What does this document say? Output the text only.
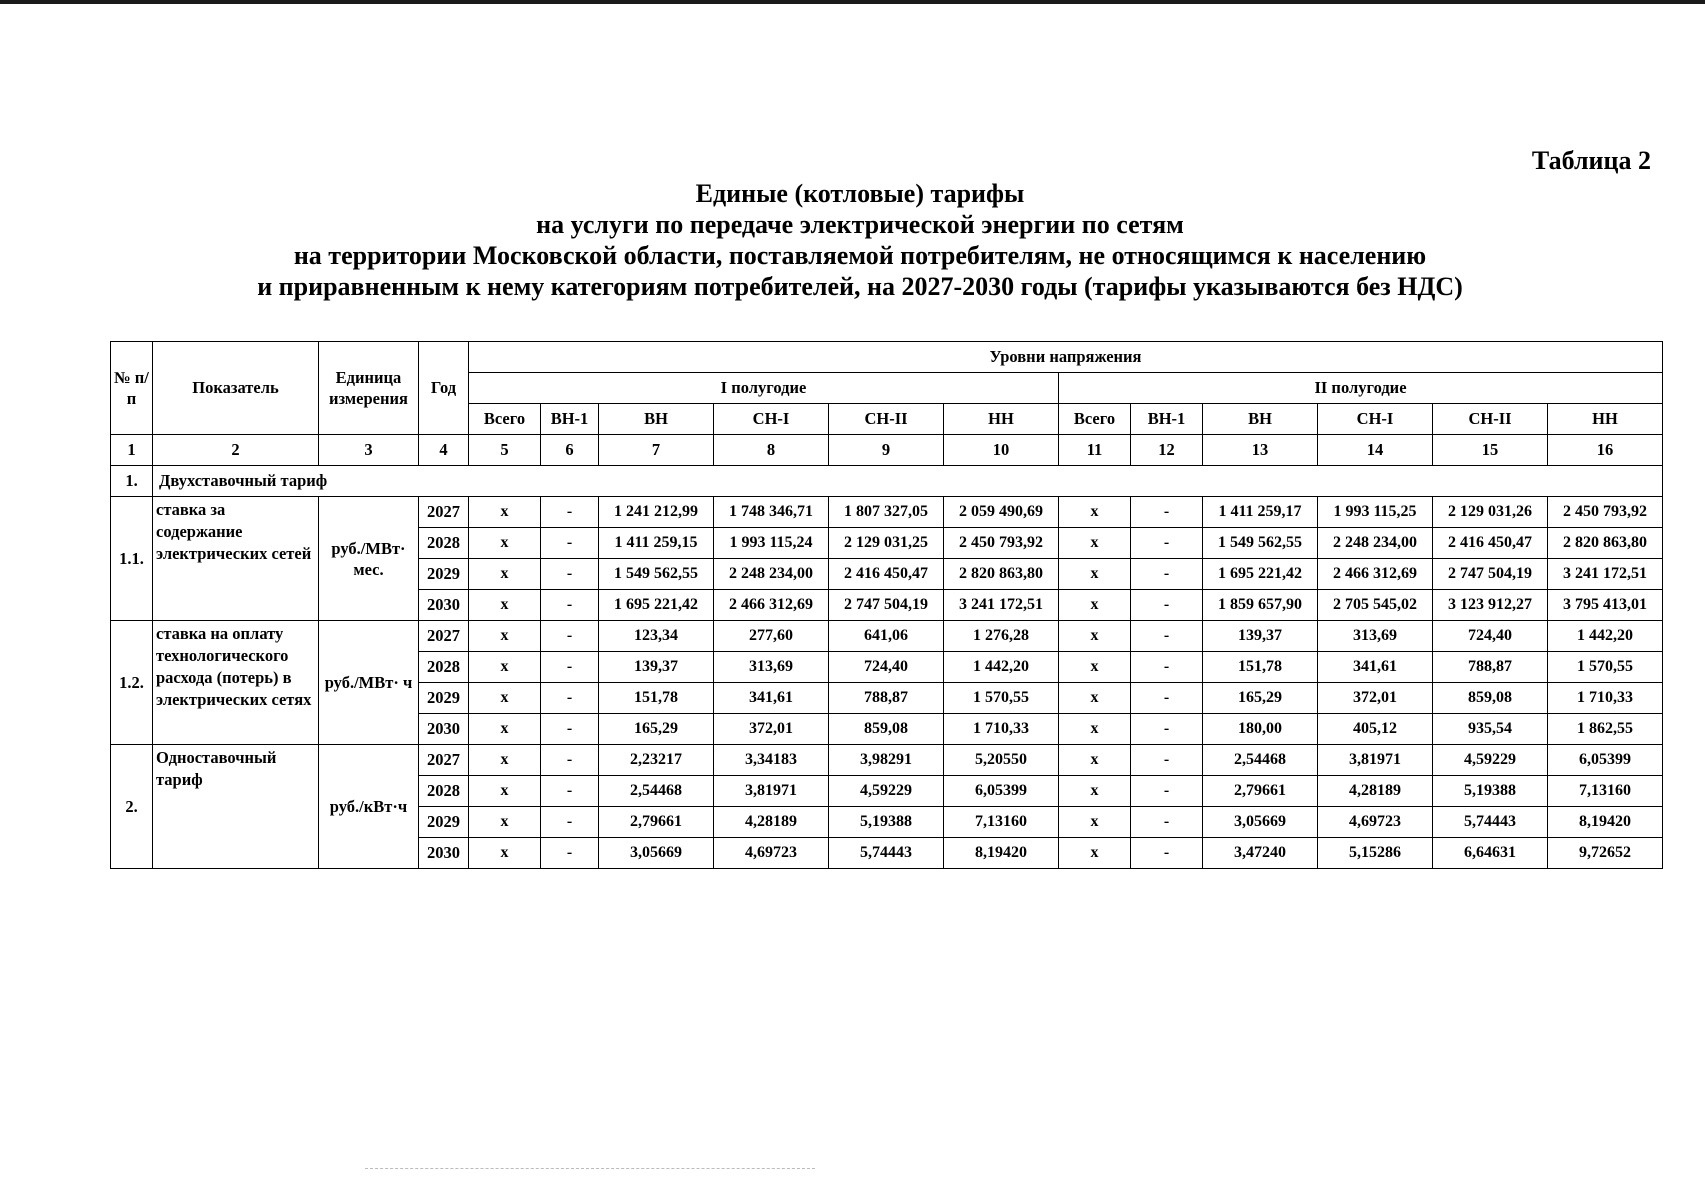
Таблица 2
Единые (котловые) тарифы
на услуги по передаче электрической энергии по сетям
на территории Московской области, поставляемой потребителям, не относящимся к населению
и приравненным к нему категориям потребителей, на 2027-2030 годы (тарифы указываются без НДС)
№ п/п	Показатель	Единица измерения	Год	Уровни напряжения											
				I полугодие						II полугодие					
				Всего	ВН-1	ВН	СН-I	СН-II	НН	Всего	ВН-1	ВН	СН-I	СН-II	НН
1	2	3	4	5	6	7	8	9	10	11	12	13	14	15	16
1.	Двухставочный тариф														
1.1.	ставка за содержание электрических сетей	руб./МВт· мес.	2027	x	-	1 241 212,99	1 748 346,71	1 807 327,05	2 059 490,69	x	-	1 411 259,17	1 993 115,25	2 129 031,26	2 450 793,92
			2028	x	-	1 411 259,15	1 993 115,24	2 129 031,25	2 450 793,92	x	-	1 549 562,55	2 248 234,00	2 416 450,47	2 820 863,80
			2029	x	-	1 549 562,55	2 248 234,00	2 416 450,47	2 820 863,80	x	-	1 695 221,42	2 466 312,69	2 747 504,19	3 241 172,51
			2030	x	-	1 695 221,42	2 466 312,69	2 747 504,19	3 241 172,51	x	-	1 859 657,90	2 705 545,02	3 123 912,27	3 795 413,01
1.2.	ставка на оплату технологического расхода (потерь) в электрических сетях	руб./МВт· ч	2027	x	-	123,34	277,60	641,06	1 276,28	x	-	139,37	313,69	724,40	1 442,20
			2028	x	-	139,37	313,69	724,40	1 442,20	x	-	151,78	341,61	788,87	1 570,55
			2029	x	-	151,78	341,61	788,87	1 570,55	x	-	165,29	372,01	859,08	1 710,33
			2030	x	-	165,29	372,01	859,08	1 710,33	x	-	180,00	405,12	935,54	1 862,55
2.	Одноставочный тариф	руб./кВт·ч	2027	x	-	2,23217	3,34183	3,98291	5,20550	x	-	2,54468	3,81971	4,59229	6,05399
			2028	x	-	2,54468	3,81971	4,59229	6,05399	x	-	2,79661	4,28189	5,19388	7,13160
			2029	x	-	2,79661	4,28189	5,19388	7,13160	x	-	3,05669	4,69723	5,74443	8,19420
			2030	x	-	3,05669	4,69723	5,74443	8,19420	x	-	3,47240	5,15286	6,64631	9,72652
